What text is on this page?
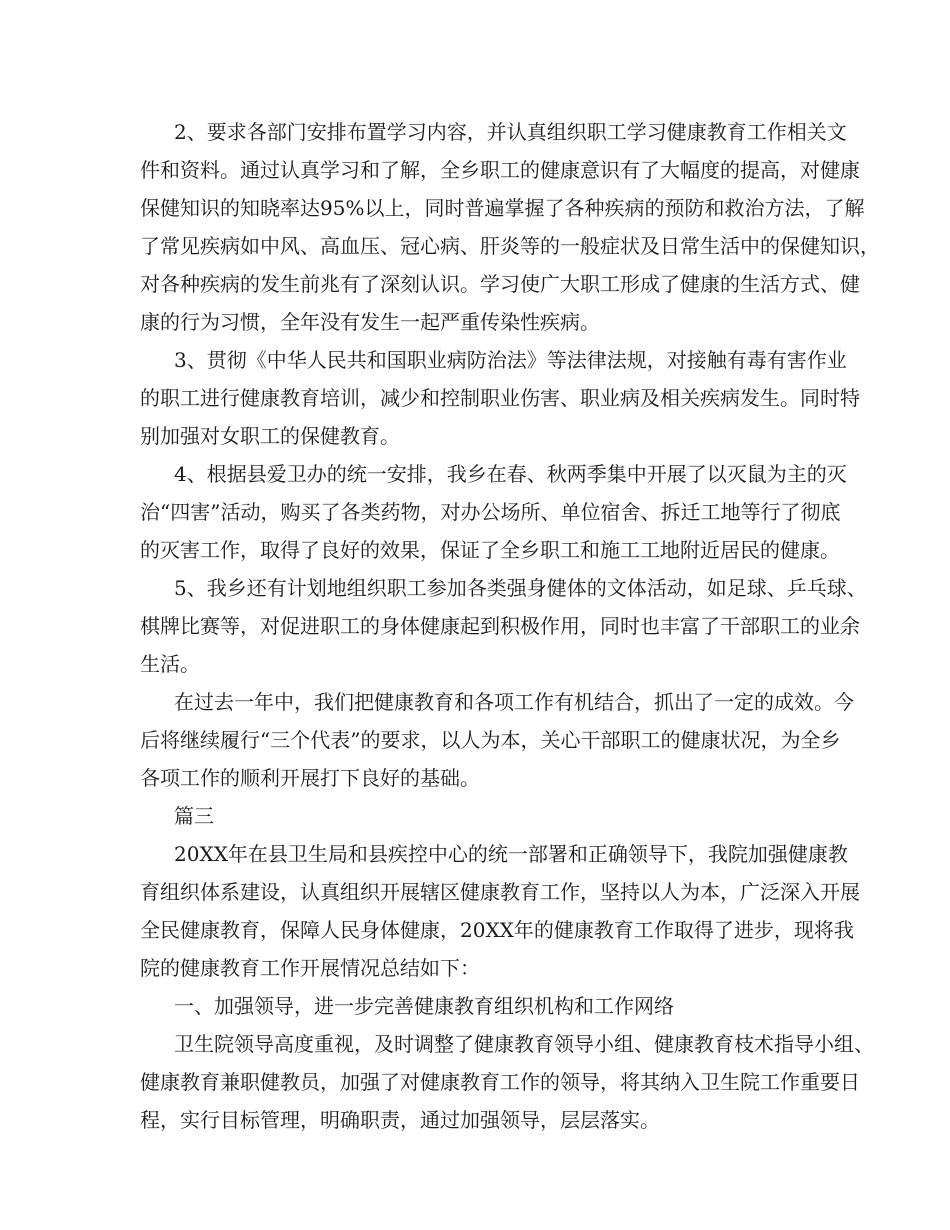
2、要求各部门安排布置学习内容，并认真组织职工学习健康教育工作相关文
件和资料。通过认真学习和了解，全乡职工的健康意识有了大幅度的提高，对健康
保健知识的知晓率达95%以上，同时普遍掌握了各种疾病的预防和救治方法，了解
了常见疾病如中风、高血压、冠心病、肝炎等的一般症状及日常生活中的保健知识，
对各种疾病的发生前兆有了深刻认识。学习使广大职工形成了健康的生活方式、健
康的行为习惯，全年没有发生一起严重传染性疾病。
3、贯彻《中华人民共和国职业病防治法》等法律法规，对接触有毒有害作业
的职工进行健康教育培训，减少和控制职业伤害、职业病及相关疾病发生。同时特
别加强对女职工的保健教育。
4、根据县爱卫办的统一安排，我乡在春、秋两季集中开展了以灭鼠为主的灭
治“四害”活动，购买了各类药物，对办公场所、单位宿舍、拆迁工地等行了彻底
的灭害工作，取得了良好的效果，保证了全乡职工和施工工地附近居民的健康。
5、我乡还有计划地组织职工参加各类强身健体的文体活动，如足球、乒乓球、
棋牌比赛等，对促进职工的身体健康起到积极作用，同时也丰富了干部职工的业余
生活。
在过去一年中，我们把健康教育和各项工作有机结合，抓出了一定的成效。今
后将继续履行“三个代表”的要求，以人为本，关心干部职工的健康状况，为全乡
各项工作的顺利开展打下良好的基础。
篇三
20XX年在县卫生局和县疾控中心的统一部署和正确领导下，我院加强健康教
育组织体系建设，认真组织开展辖区健康教育工作，坚持以人为本，广泛深入开展
全民健康教育，保障人民身体健康，20XX年的健康教育工作取得了进步，现将我
院的健康教育工作开展情况总结如下：
一、加强领导，进一步完善健康教育组织机构和工作网络
卫生院领导高度重视，及时调整了健康教育领导小组、健康教育枝术指导小组、
健康教育兼职健教员，加强了对健康教育工作的领导，将其纳入卫生院工作重要日
程，实行目标管理，明确职责，通过加强领导，层层落实。
